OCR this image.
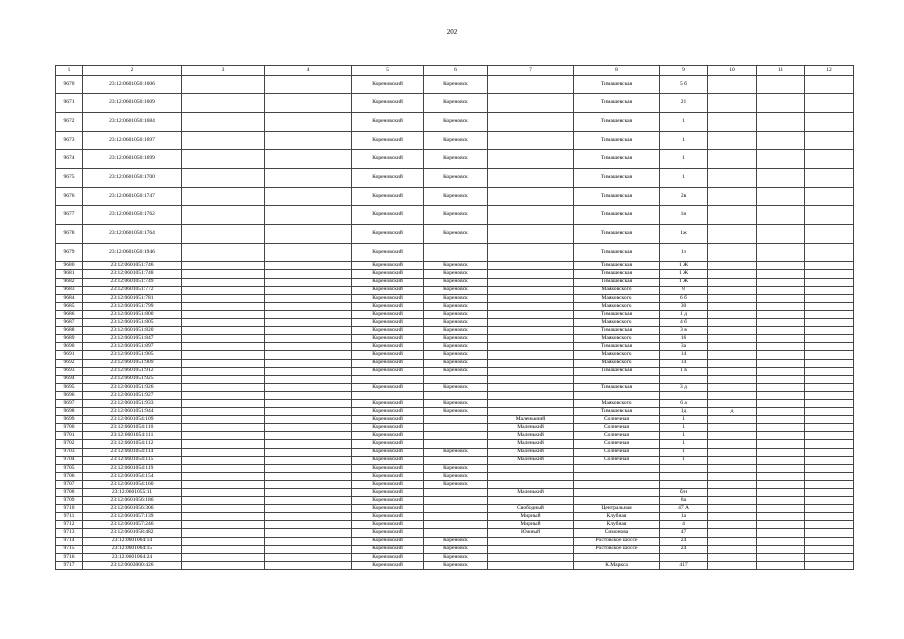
202
1	2	3	4	5	6	7	8	9	10	11	12
9670	23:12:0601050:1606			Кореновский	Кореновск		Тимашевская	5 б			
9671	23:12:0601050:1609			Кореновский	Кореновск		Тимашевская	21			
9672	23:12:0601050:1684			Кореновский	Кореновск		Тимашевская	1			
9673	23:12:0601050:1697			Кореновский	Кореновск		Тимашевская	1			
9674	23:12:0601050:1699			Кореновский	Кореновск		Тимашевская	1			
9675	23:12:0601050:1700			Кореновский	Кореновск		Тимашевская	1			
9676	23:12:0601050:1747			Кореновский	Кореновск		Тимашевская	2в			
9677	23:12:0601050:1762			Кореновский	Кореновск		Тимашевская	1и			
9678	23:12:0601050:1764			Кореновский	Кореновск		Тимашевская	1ж			
9679	23:12:0601050:1946			Кореновский			Тимашевская	1з			
9680	23:12:0601051:746			Кореновский	Кореновск		Тимашевская	1 Ж			
9681	23:12:0601051:748			Кореновский	Кореновск		Тимашевская	1 Ж			
9682	23:12:0601051:749			Кореновский	Кореновск		Тимашевская	1 Ж			
9683	23:12:0601051:772			Кореновский	Кореновск		Маяковского	8			
9684	23:12:0601051:781			Кореновский	Кореновск		Маяковского	6 б			
9685	23:12:0601051:799			Кореновский	Кореновск		Маяковского	30			
9686	23:12:0601051:800			Кореновский	Кореновск		Тимашевская	1 д			
9687	23:12:0601051:805			Кореновский	Кореновск		Маяковского	4 б			
9688	23:12:0601051:820			Кореновский	Кореновск		Тимашевская	3 в			
9689	23:12:0601051:847			Кореновский	Кореновск		Маяковского	16			
9690	23:12:0601051:897			Кореновский	Кореновск		Тимашевская	3а			
9691	23:12:0601051:905			Кореновский	Кореновск		Маяковского	14			
9692	23:12:0601051:909			Кореновский	Кореновск		Маяковского	14			
9693	23:12:0601051:912			Кореновский	Кореновск		Тимашевская	1 в			
9694	23:12:0601051:925										
9695	23:12:0601051:926			Кореновский	Кореновск		Тимашевская	3 д			
9696	23:12:0601051:927										
9697	23:12:0601051:933			Кореновский	Кореновск		Маяковского	6 а			
9698	23:12:0601051:944			Кореновский	Кореновск		Тимашевская	1д	д		
9699	23:12:0601054:109			Кореновский		Маленькний	Солнечная	1			
9700	23:12:0601054:110			Кореновский		Маленький	Солнечная	1			
9701	23:12:0601054:111			Кореновский		Маленький	Солнечная	1			
9702	23:12:0601054:112			Кореновский		Маленький	Солнечная	1			
9703	23:12:0601054:114			Кореновский	Кореновск	Маленький	Солнечная	1			
9704	23:12:0601054:115			Кореновский		Маленький	Солнечная	1			
9705	23:12:0601054:119			Кореновский	Кореновск						
9706	23:12:0601054:154			Кореновский	Кореновск						
9707	23:12:0601054:160			Кореновский	Кореновск						
9708	23:12:0601055:11			Кореновский		Маленький		б/н			
9709	23:12:0601056:186			Кореновский				8а			
9710	23:12:0601056:306			Кореновский		Свободный	Центральная	47 А			
9711	23:12:0601057:139			Кореновский		Мирный	Клубная	1а			
9712	23:12:0601057:246			Кореновский		Мирный	Клубная	4			
9713	23:12:0601058:482			Кореновский		Южный	Симонова	47			
9714	23:12:0601064:14			Кореновский	Кореновск		Ростовское шоссе	24			
9715	23:12:0601064:15			Кореновский	Кореновск		Ростовское шоссе	24			
9716	23:12:0601064:24			Кореновский	Кореновск						
9717	23:12:0603000:426			Кореновский	Кореновск		К.Маркса	417			
